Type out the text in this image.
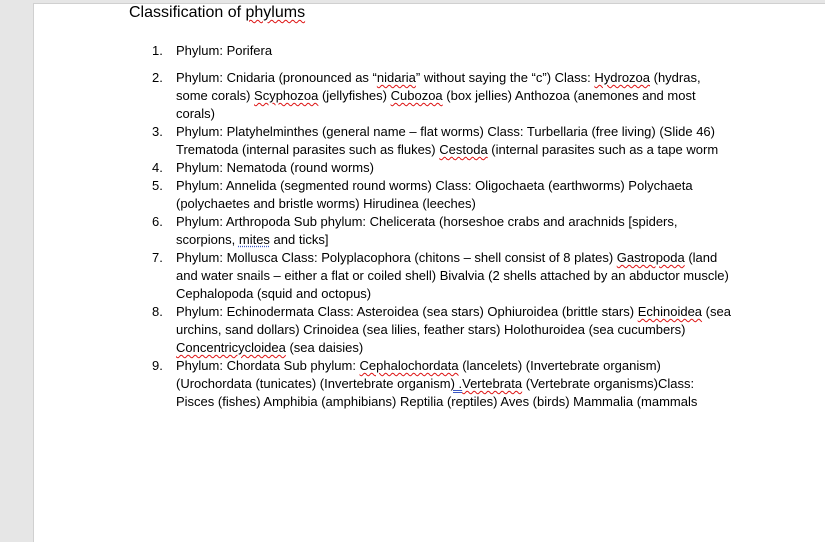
Classification of phylums
1. Phylum: Porifera
2. Phylum: Cnidaria (pronounced as “nidaria” without saying the “c”) Class: Hydrozoa (hydras, some corals) Scyphozoa (jellyfishes) Cubozoa (box jellies) Anthozoa (anemones and most corals)
3. Phylum: Platyhelminthes (general name – flat worms) Class: Turbellaria (free living) (Slide 46) Trematoda (internal parasites such as flukes) Cestoda (internal parasites such as a tape worm
4. Phylum: Nematoda (round worms)
5. Phylum: Annelida (segmented round worms) Class: Oligochaeta (earthworms) Polychaeta (polychaetes and bristle worms) Hirudinea (leeches)
6. Phylum: Arthropoda Sub phylum: Chelicerata (horseshoe crabs and arachnids [spiders, scorpions, mites and ticks]
7. Phylum: Mollusca Class: Polyplacophora (chitons – shell consist of 8 plates) Gastropoda (land and water snails – either a flat or coiled shell) Bivalvia (2 shells attached by an abductor muscle) Cephalopoda (squid and octopus)
8. Phylum: Echinodermata Class: Asteroidea (sea stars) Ophiuroidea (brittle stars) Echinoidea (sea urchins, sand dollars) Crinoidea (sea lilies, feather stars) Holothuroidea (sea cucumbers) Concentricycloidea (sea daisies)
9. Phylum: Chordata Sub phylum: Cephalochordata (lancelets) (Invertebrate organism) (Urochordata (tunicates) (Invertebrate organism) .Vertebrata (Vertebrate organisms)Class: Pisces (fishes) Amphibia (amphibians) Reptilia (reptiles) Aves (birds) Mammalia (mammals
